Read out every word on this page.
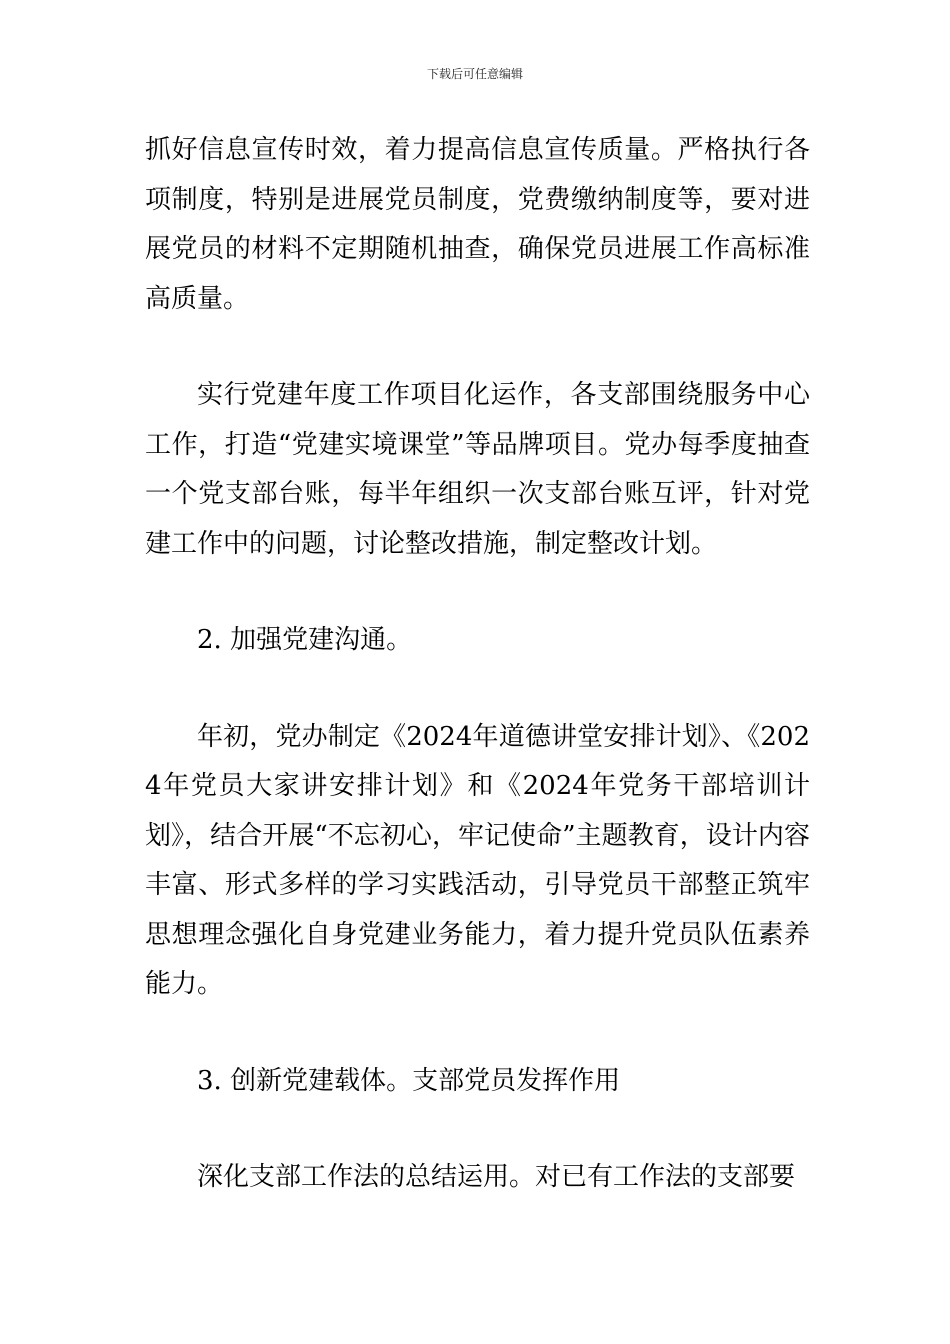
下载后可任意编辑

抓好信息宣传时效，着力提高信息宣传质量。严格执行各项制度，特别是进展党员制度，党费缴纳制度等，要对进展党员的材料不定期随机抽查，确保党员进展工作高标准高质量。

实行党建年度工作项目化运作，各支部围绕服务中心工作，打造“党建实境课堂”等品牌项目。党办每季度抽查一个党支部台账，每半年组织一次支部台账互评，针对党建工作中的问题，讨论整改措施，制定整改计划。

2. 加强党建沟通。

年初，党办制定《2024年道德讲堂安排计划》、《2024年党员大家讲安排计划》和《2024年党务干部培训计划》，结合开展“不忘初心，牢记使命”主题教育，设计内容丰富、形式多样的学习实践活动，引导党员干部整正筑牢思想理念强化自身党建业务能力，着力提升党员队伍素养能力。

3. 创新党建载体。支部党员发挥作用

深化支部工作法的总结运用。对已有工作法的支部要
